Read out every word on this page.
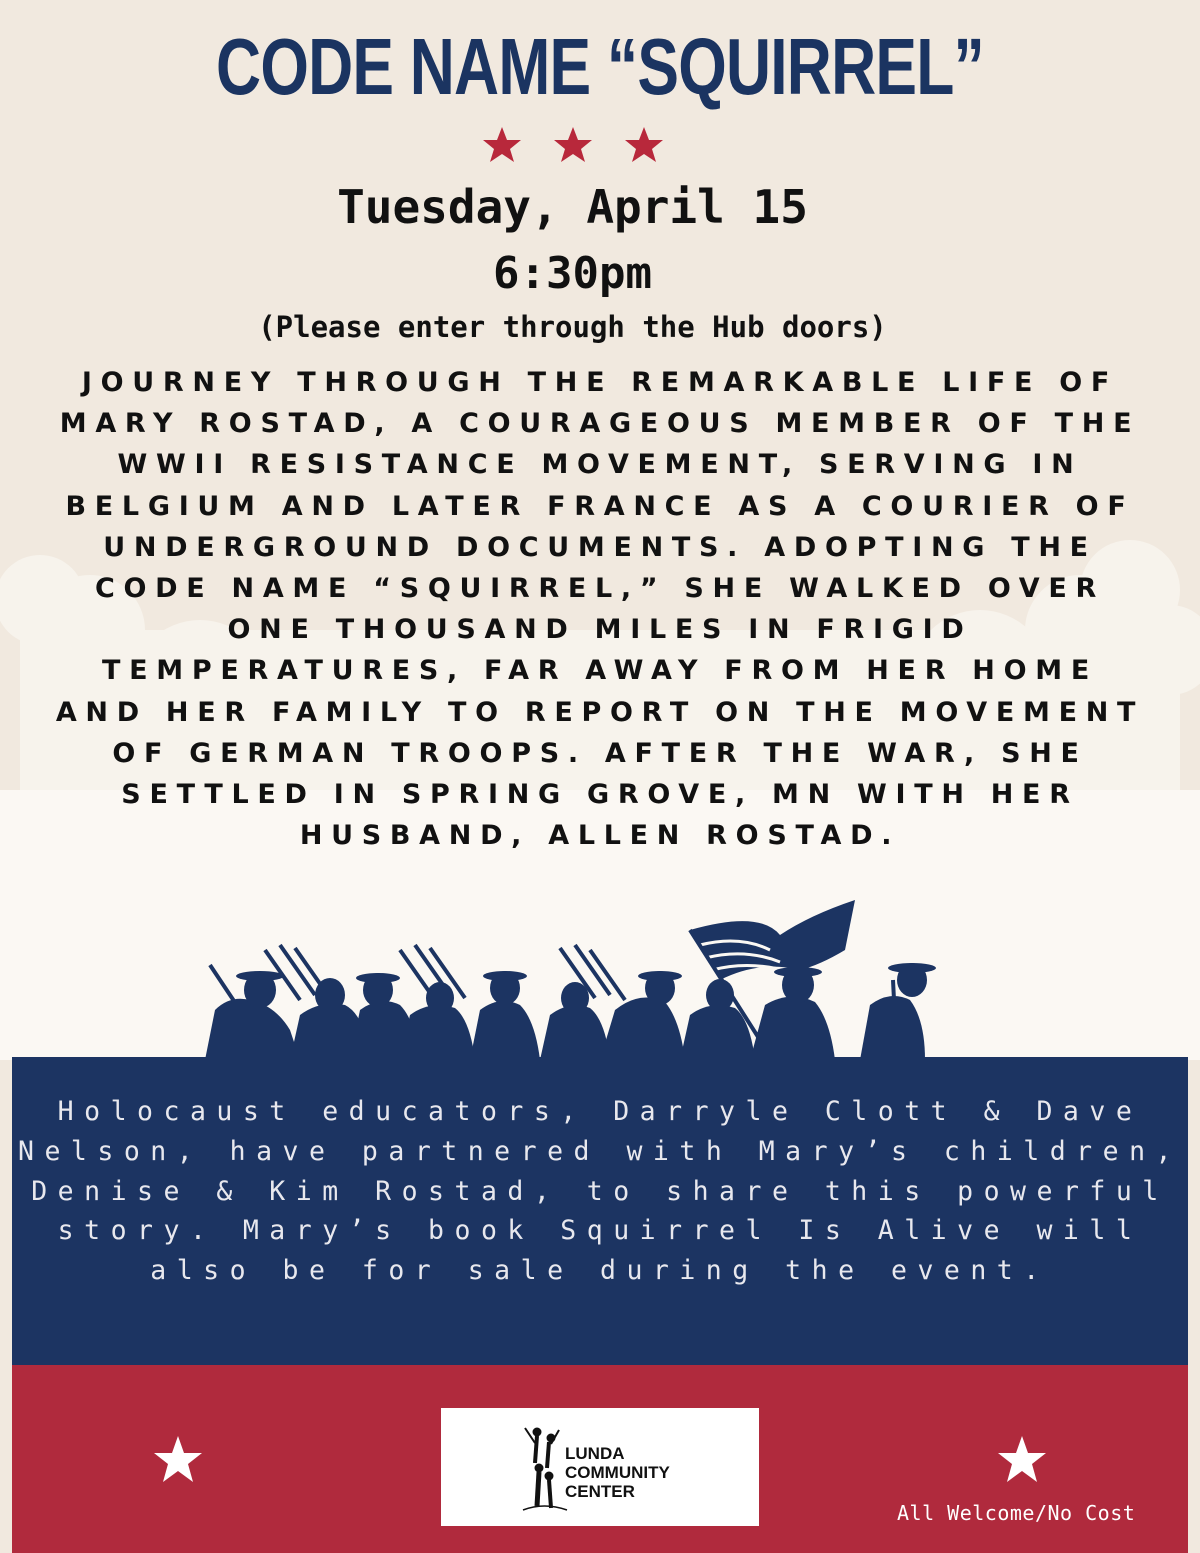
CODE NAME “SQUIRREL”
Tuesday, April 15
6:30pm
(Please enter through the Hub doors)
JOURNEY THROUGH THE REMARKABLE LIFE OF MARY ROSTAD, A COURAGEOUS MEMBER OF THE WWII RESISTANCE MOVEMENT, SERVING IN BELGIUM AND LATER FRANCE AS A COURIER OF UNDERGROUND DOCUMENTS. ADOPTING THE CODE NAME “SQUIRREL,” SHE WALKED OVER ONE THOUSAND MILES IN FRIGID TEMPERATURES, FAR AWAY FROM HER HOME AND HER FAMILY TO REPORT ON THE MOVEMENT OF GERMAN TROOPS. AFTER THE WAR, SHE SETTLED IN SPRING GROVE, MN WITH HER HUSBAND, ALLEN ROSTAD.
Holocaust educators, Darryle Clott & Dave Nelson, have partnered with Mary’s children, Denise & Kim Rostad, to share this powerful story. Mary’s book Squirrel Is Alive will also be for sale during the event.
LUNDA
COMMUNITY
CENTER
All Welcome/No Cost
